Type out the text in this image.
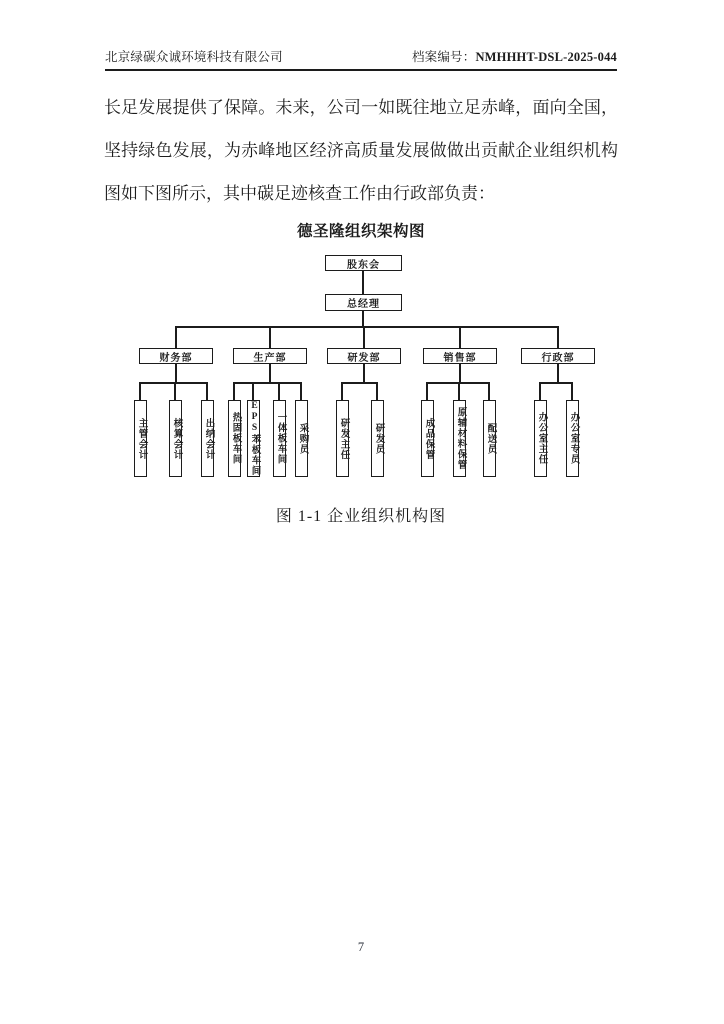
北京绿碳众诚环境科技有限公司	档案编号：NMHHHT-DSL-2025-044
长足发展提供了保障。未来，公司一如既往地立足赤峰，面向全国，
坚持绿色发展，为赤峰地区经济高质量发展做做出贡献企业组织机构
图如下图所示，其中碳足迹核查工作由行政部负责：
德圣隆组织架构图
股东会
总经理
财务部
主管会计	核算会计	出纳会计
生产部
热固板车间 EPS苯板车间	一体板车间	采购员
研发部
研发主任	研发员
销售部
成品保管	原辅材料保管	配送员
行政部
办公室主任	办公室专员
图 1-1 企业组织机构图
7
